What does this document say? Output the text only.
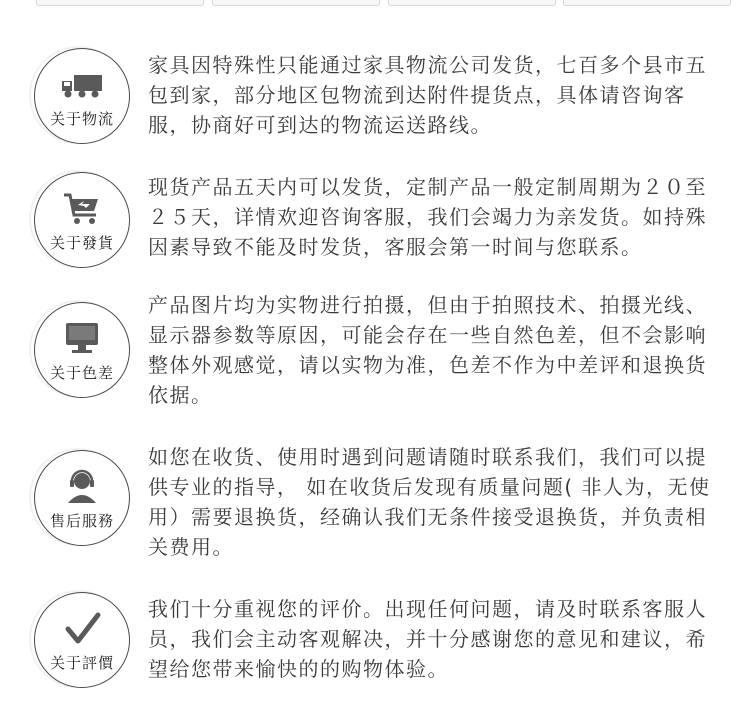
关于物流
家具因特殊性只能通过家具物流公司发货，七百多个县市五包到家，部分地区包物流到达附件提货点，具体请咨询客服，协商好可到达的物流运送路线。
关于發貨
现货产品五天内可以发货，定制产品一般定制周期为２０至２５天，详情欢迎咨询客服，我们会竭力为亲发货。如持殊因素导致不能及时发货，客服会第一时间与您联系。
关于色差
产品图片均为实物进行拍摄，但由于拍照技术、拍摄光线、显示器参数等原因，可能会存在一些自然色差，但不会影响整体外观感觉，请以实物为准，色差不作为中差评和退换货依据。
售后服務
如您在收货、使用时遇到问题请随时联系我们，我们可以提供专业的指导， 如在收货后发现有质量问题( 非人为，无使用）需要退换货，经确认我们无条件接受退换货，并负责相关费用。
关于評價
我们十分重视您的评价。出现任何问题，请及时联系客服人员，我们会主动客观解决，并十分感谢您的意见和建议，希望给您带来愉快的的购物体验。
